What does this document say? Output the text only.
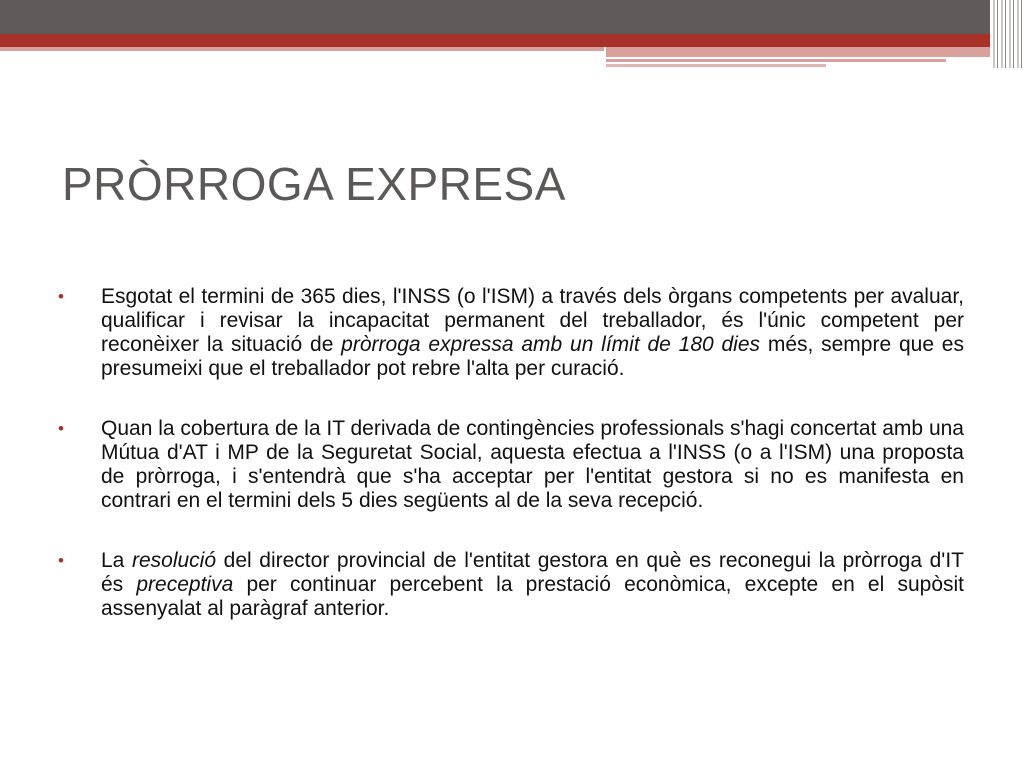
PRÒRROGA EXPRESA
• Esgotat el termini de 365 dies, l'INSS (o l'ISM) a través dels òrgans competents per avaluar, qualificar i revisar la incapacitat permanent del treballador, és l'únic competent per reconèixer la situació de pròrroga expressa amb un límit de 180 dies més, sempre que es presumeixi que el treballador pot rebre l'alta per curació.
• Quan la cobertura de la IT derivada de contingències professionals s'hagi concertat amb una Mútua d'AT i MP de la Seguretat Social, aquesta efectua a l'INSS (o a l'ISM) una proposta de pròrroga, i s'entendrà que s'ha acceptar per l'entitat gestora si no es manifesta en contrari en el termini dels 5 dies següents al de la seva recepció.
• La resolució del director provincial de l'entitat gestora en què es reconegui la pròrroga d'IT és preceptiva per continuar percebent la prestació econòmica, excepte en el supòsit assenyalat al paràgraf anterior.
